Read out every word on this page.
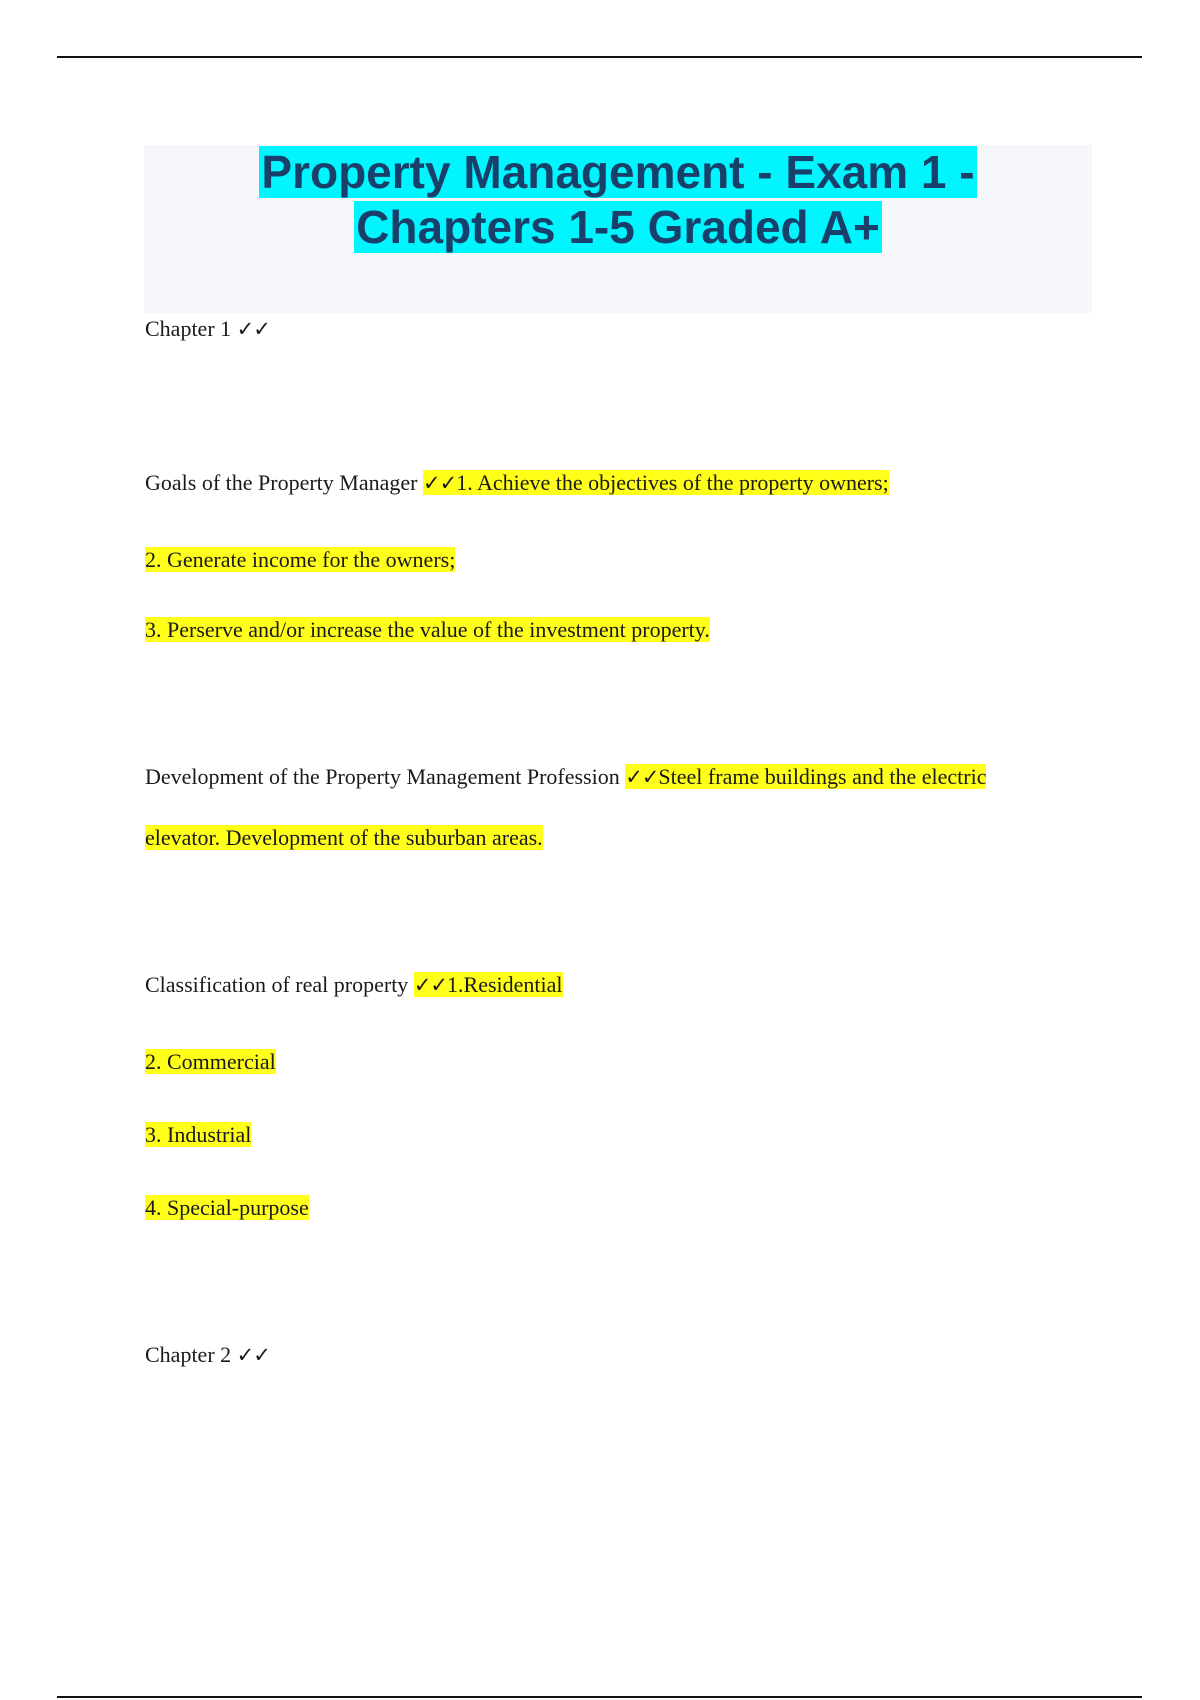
Property Management - Exam 1 -
Chapters 1-5 Graded A+
Chapter 1 ✓✓
Goals of the Property Manager ✓✓1. Achieve the objectives of the property owners;
2. Generate income for the owners;
3. Perserve and/or increase the value of the investment property.
Development of the Property Management Profession ✓✓Steel frame buildings and the electric
elevator. Development of the suburban areas.
Classification of real property ✓✓1.Residential
2. Commercial
3. Industrial
4. Special-purpose
Chapter 2 ✓✓
